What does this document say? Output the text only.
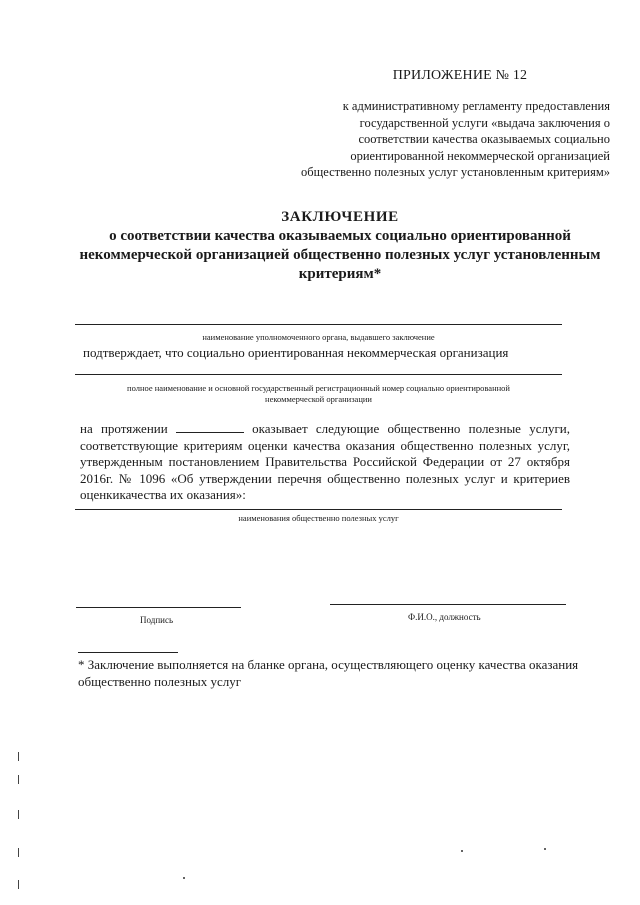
ПРИЛОЖЕНИЕ № 12
к административному регламенту предоставления
государственной услуги «выдача заключения о
соответствии качества оказываемых социально
ориентированной некоммерческой организацией
общественно полезных услуг установленным критериям»
ЗАКЛЮЧЕНИЕ
о соответствии качества оказываемых социально ориентированной
некоммерческой организацией общественно полезных услуг установленным
критериям*
наименование уполномоченного органа, выдавшего заключение
подтверждает, что социально ориентированная некоммерческая организация
полное наименование и основной государственный регистрационный номер социально ориентированной
некоммерческой организации
на протяжении	оказывает следующие общественно полезные услуги,
соответствующие критериям оценки качества оказания общественно полезных услуг,
утвержденным постановлением Правительства Российской Федерации от 27 октября
2016г. № 1096 «Об утверждении перечня общественно полезных услуг и критериев
оценкикачества их оказания»:
наименования общественно полезных услуг
Подпись	Ф.И.О., должность
* Заключение выполняется на бланке органа, осуществляющего оценку качества оказания
общественно полезных услуг
